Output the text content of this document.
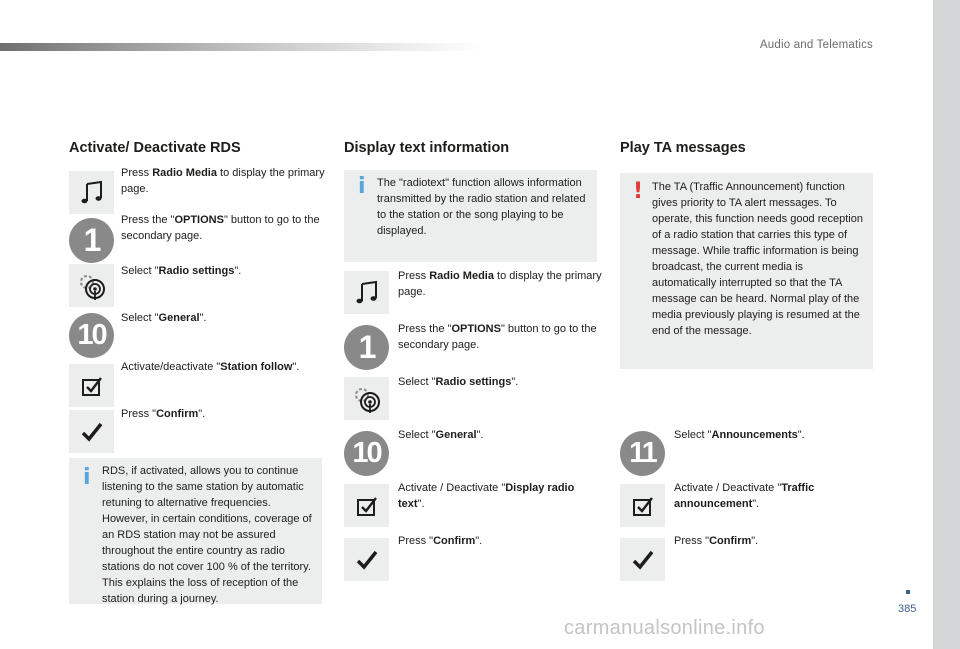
Audio and Telematics
385
carmanualsonline.info
Activate/ Deactivate RDS
Press Radio Media to display the primary page.
1
Press the "OPTIONS" button to go to the secondary page.
Select "Radio settings".
10
Select "General".
Activate/deactivate "Station follow".
Press "Confirm".
i RDS, if activated, allows you to continue listening to the same station by automatic retuning to alternative frequencies. However, in certain conditions, coverage of an RDS station may not be assured throughout the entire country as radio stations do not cover 100 % of the territory. This explains the loss of reception of the station during a journey.
Display text information
i The "radiotext" function allows information transmitted by the radio station and related to the station or the song playing to be displayed.
Press Radio Media to display the primary page.
1	Press the "OPTIONS" button to go to the secondary page.
Select "Radio settings".
10
Select "General".
Activate / Deactivate "Display radio text".
Press "Confirm".
Play TA messages
! The TA (Traffic Announcement) function gives priority to TA alert messages. To operate, this function needs good reception of a radio station that carries this type of message. While traffic information is being broadcast, the current media is automatically interrupted so that the TA message can be heard. Normal play of the media previously playing is resumed at the end of the message.
11
Select "Announcements".
Activate / Deactivate "Traffic announcement".
Press "Confirm".
